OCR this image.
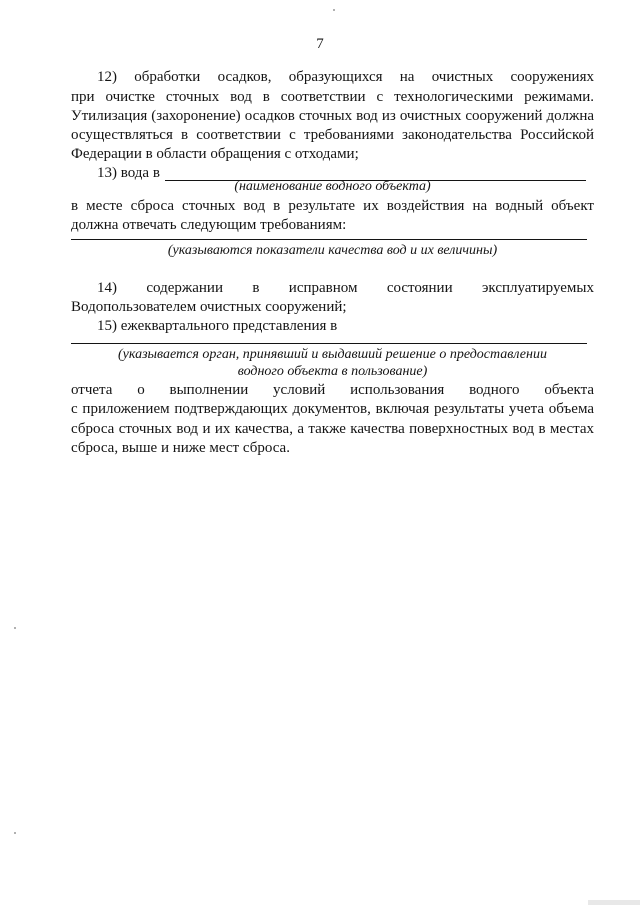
7
12) обработки осадков, образующихся на очистных сооружениях
при очистке сточных вод в соответствии с технологическими режимами.
Утилизация (захоронение) осадков сточных вод из очистных сооружений должна
осуществляться в соответствии с требованиями законодательства Российской
Федерации в области обращения с отходами;
13) вода в
(наименование водного объекта)
в месте сброса сточных вод в результате их воздействия на водный объект
должна отвечать следующим требованиям:
(указываются показатели качества вод и их величины)
14) содержании в исправном состоянии эксплуатируемых
Водопользователем очистных сооружений;
15) ежеквартального представления в
(указывается орган, принявший и выдавший решение о предоставлении
водного объекта в пользование)
отчета о выполнении условий использования водного объекта
с приложением подтверждающих документов, включая результаты учета объема
сброса сточных вод и их качества, а также качества поверхностных вод в местах
сброса, выше и ниже мест сброса.
